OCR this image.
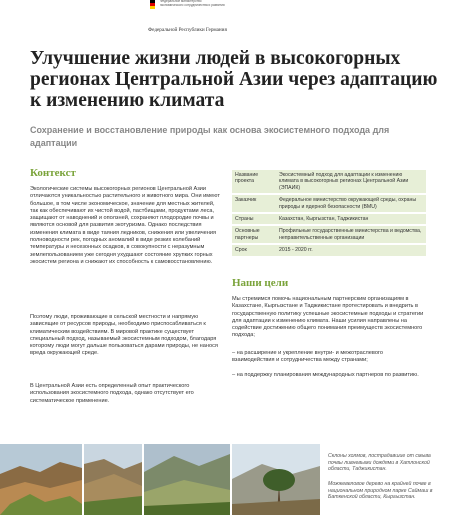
Федеральное министерство
экономического сотрудничества и развития
Федеральной Республики Германия
Улучшение жизни людей в высокогорных регионах Центральной Азии через адаптацию к изменению климата

Сохранение и восстановление природы как основа экосистемного подхода для адаптации

Контекст

Экологические системы высокогорных регионов Центральной Азии отличаются уникальностью растительного и животного мира. Они имеют большое, в том числе экономическое, значение для местных жителей, так как обеспечивают их чистой водой, пастбищами, продуктами леса, защищают от наводнений и оползней, сохраняют плодородие почвы и являются основой для развития экотуризма. Однако последствия изменения климата в виде таяния ледников, снижения или увеличения полноводности рек, погодных аномалий в виде резких колебаний температуры и несезонных осадков, в совокупности с неразумным землепользованием уже сегодня ухудшают состояние хрупких горных экосистем региона и снижают их способность к самовосстановлению.

Поэтому люди, проживающие в сельской местности и напрямую зависящие от ресурсов природы, необходимо приспосабливаться к климатическим воздействиям. В мировой практике существует специальный подход, называемый экосистемным подходом, благодаря которому люди могут дальше пользоваться дарами природы, не нанося вреда окружающей среде.

В Центральной Азии есть определенный опыт практического использования экосистемного подхода, однако отсутствует его систематическое применение.

Название проекта	Экосистемный подход для адаптации к изменению климата в высокогорных регионах Центральной Азии (ЭПАИК)
Заказчик	Федеральное министерство окружающей среды, охраны природы и ядерной безопасности (BMU)
Страны	Казахстан, Кыргызстан, Таджикистан
Основные партнеры	Профильные государственные министерства и ведомства, неправительственные организации
Срок	2015 - 2020 гг.
Наши цели

Мы стремимся помочь национальным партнерским организациям в Казахстане, Кыргызстане и Таджикистане протестировать и внедрить в государственную политику успешные экосистемные подходы и стратегии для адаптации к изменению климата. Наши усилия направлены на содействие достижению общего понимания преимуществ экосистемного подхода;

– на расширение и укрепление внутри- и межотраслевого взаимодействия и сотрудничества между странами;
– на поддержку планирования международных партнеров по развитию.

Склоны холмов, пострадавшие от смыва почвы ливневыми дождями в Хатлонской области, Таджикистан.

Можжевеловое дерево на крайней почве в национальном природном парке Саймаш в Баткенской области, Кыргызстан.
